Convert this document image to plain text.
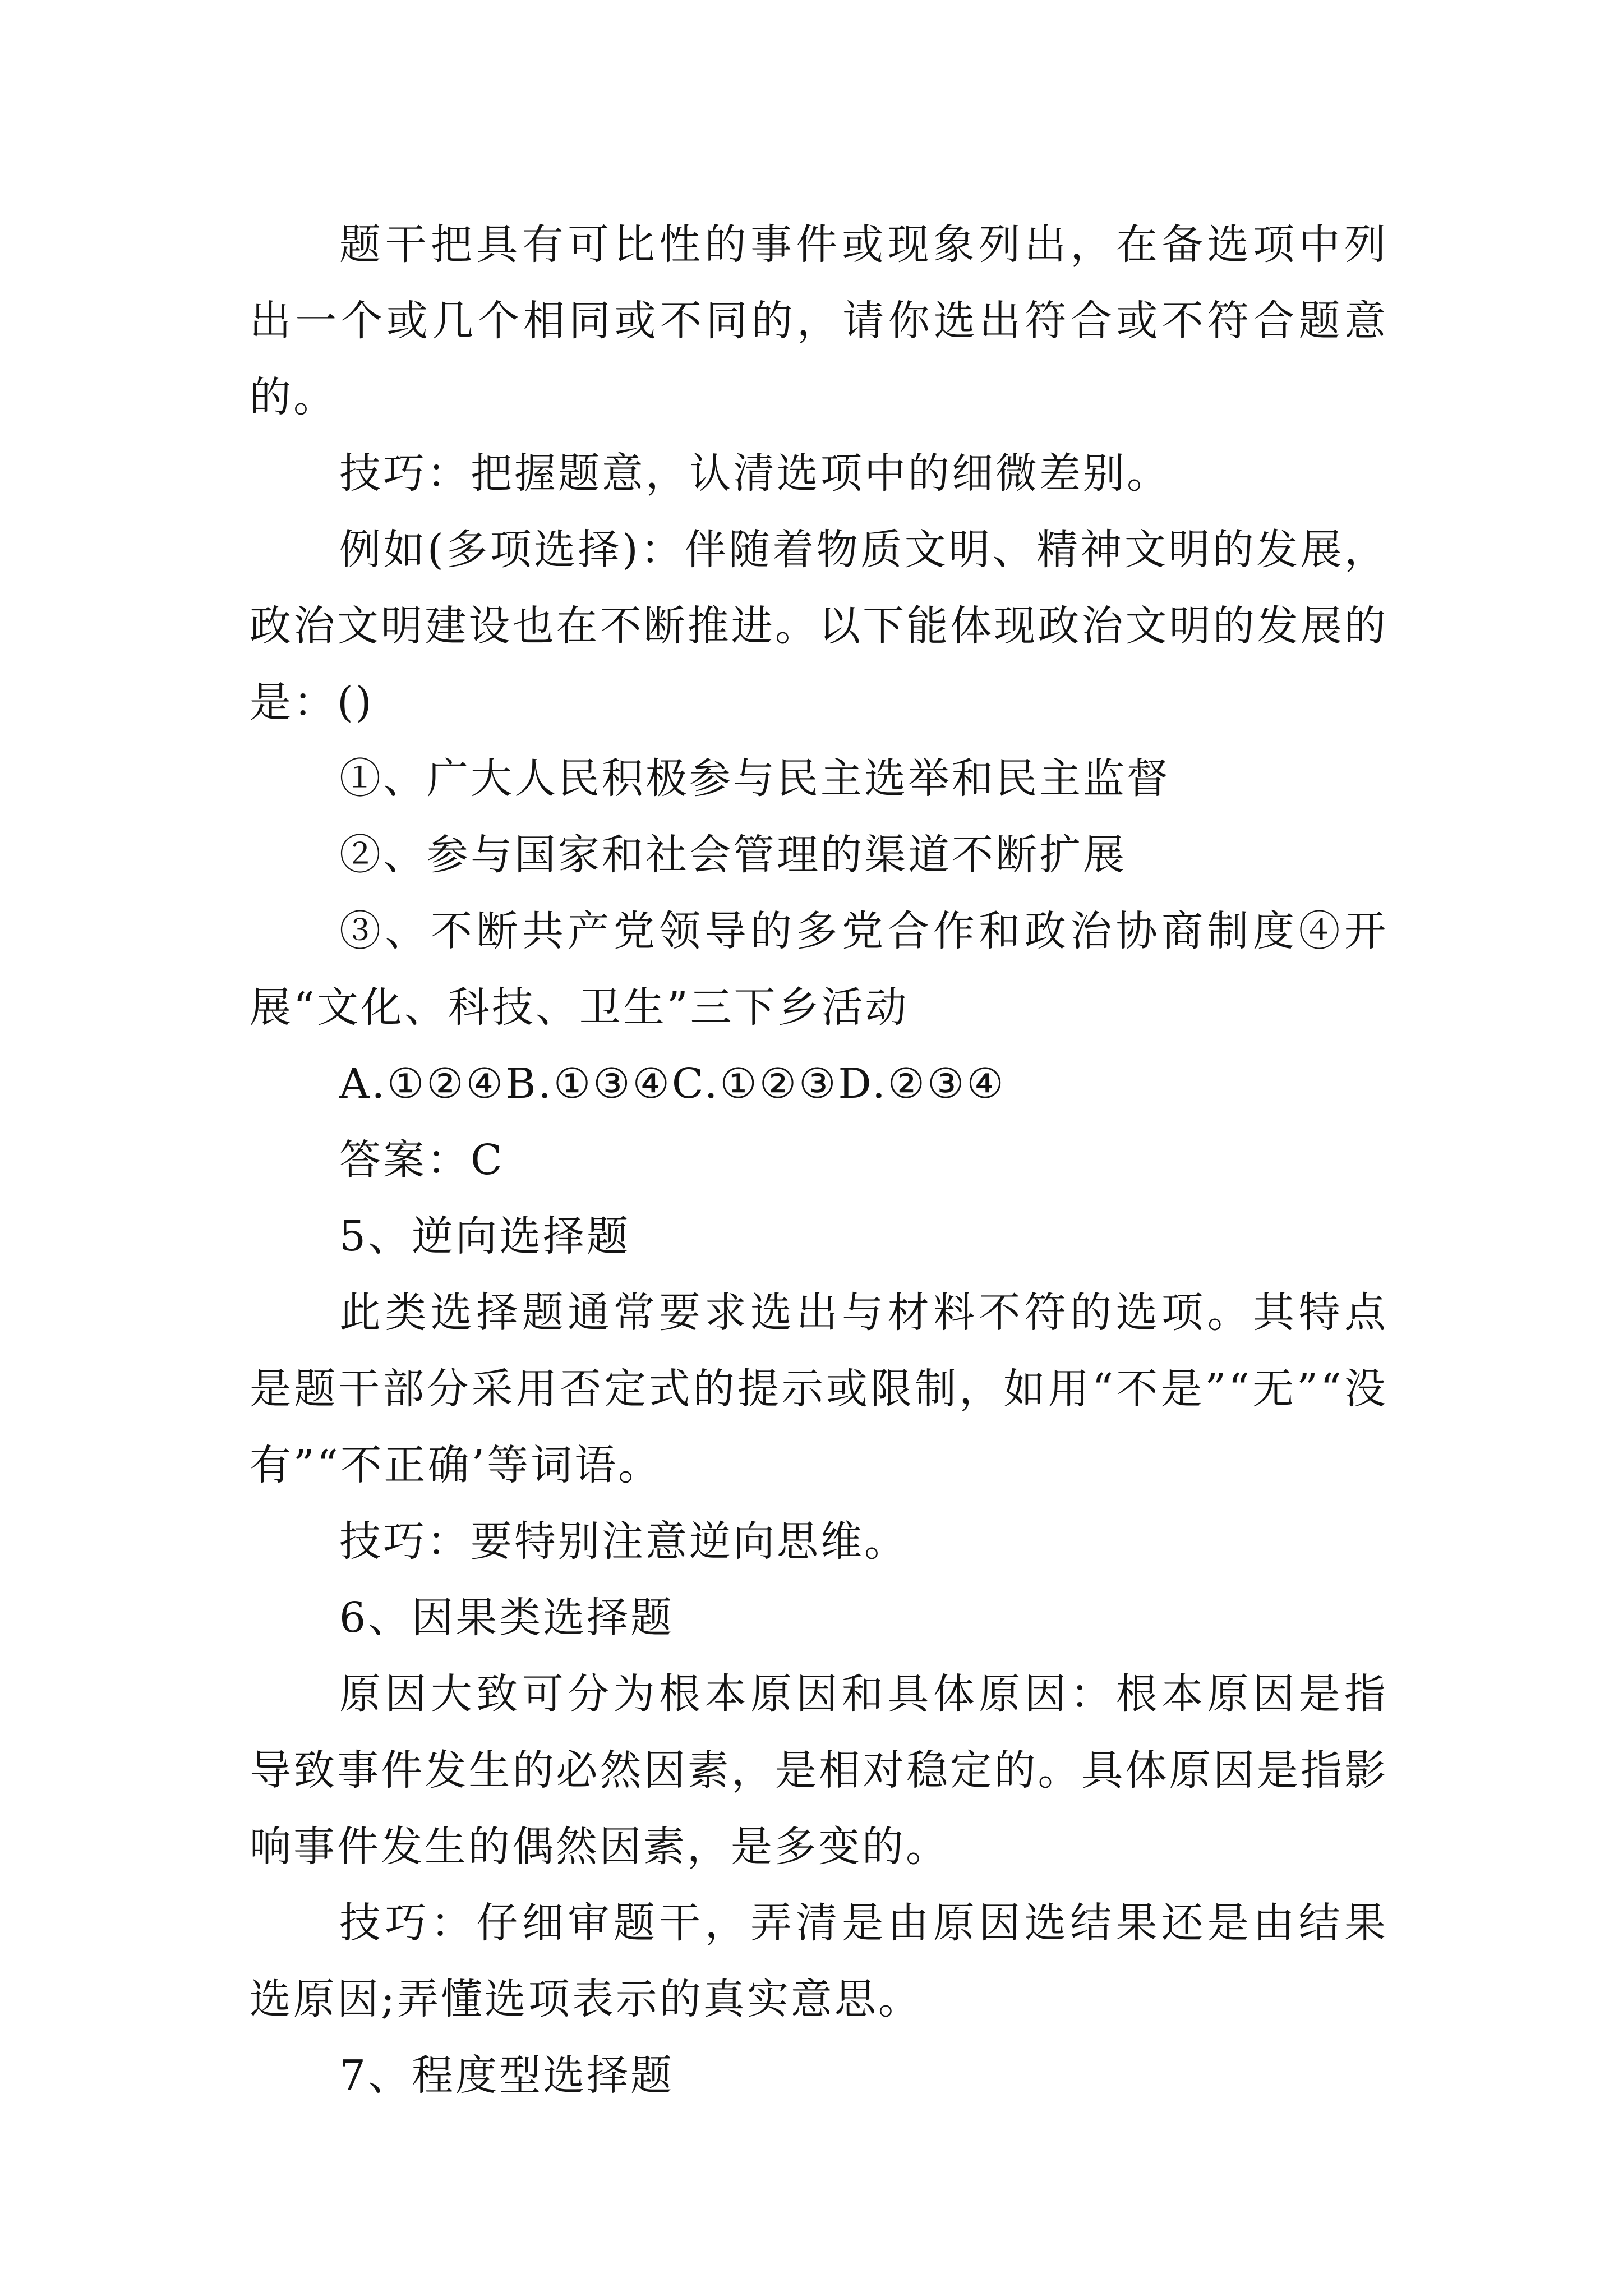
题干把具有可比性的事件或现象列出，在备选项中列出一个或几个相同或不同的，请你选出符合或不符合题意的。

技巧：把握题意，认清选项中的细微差别。

例如(多项选择)：伴随着物质文明、精神文明的发展，政治文明建设也在不断推进。以下能体现政治文明的发展的是：()

①、广大人民积极参与民主选举和民主监督

②、参与国家和社会管理的渠道不断扩展

③、不断共产党领导的多党合作和政治协商制度④开展“文化、科技、卫生”三下乡活动

A.①②④B.①③④C.①②③D.②③④

答案：C

5、逆向选择题

此类选择题通常要求选出与材料不符的选项。其特点是题干部分采用否定式的提示或限制，如用“不是”“无”“没有”“不正确’等词语。

技巧：要特别注意逆向思维。

6、因果类选择题

原因大致可分为根本原因和具体原因：根本原因是指导致事件发生的必然因素，是相对稳定的。具体原因是指影响事件发生的偶然因素，是多变的。

技巧：仔细审题干，弄清是由原因选结果还是由结果选原因;弄懂选项表示的真实意思。

7、程度型选择题
